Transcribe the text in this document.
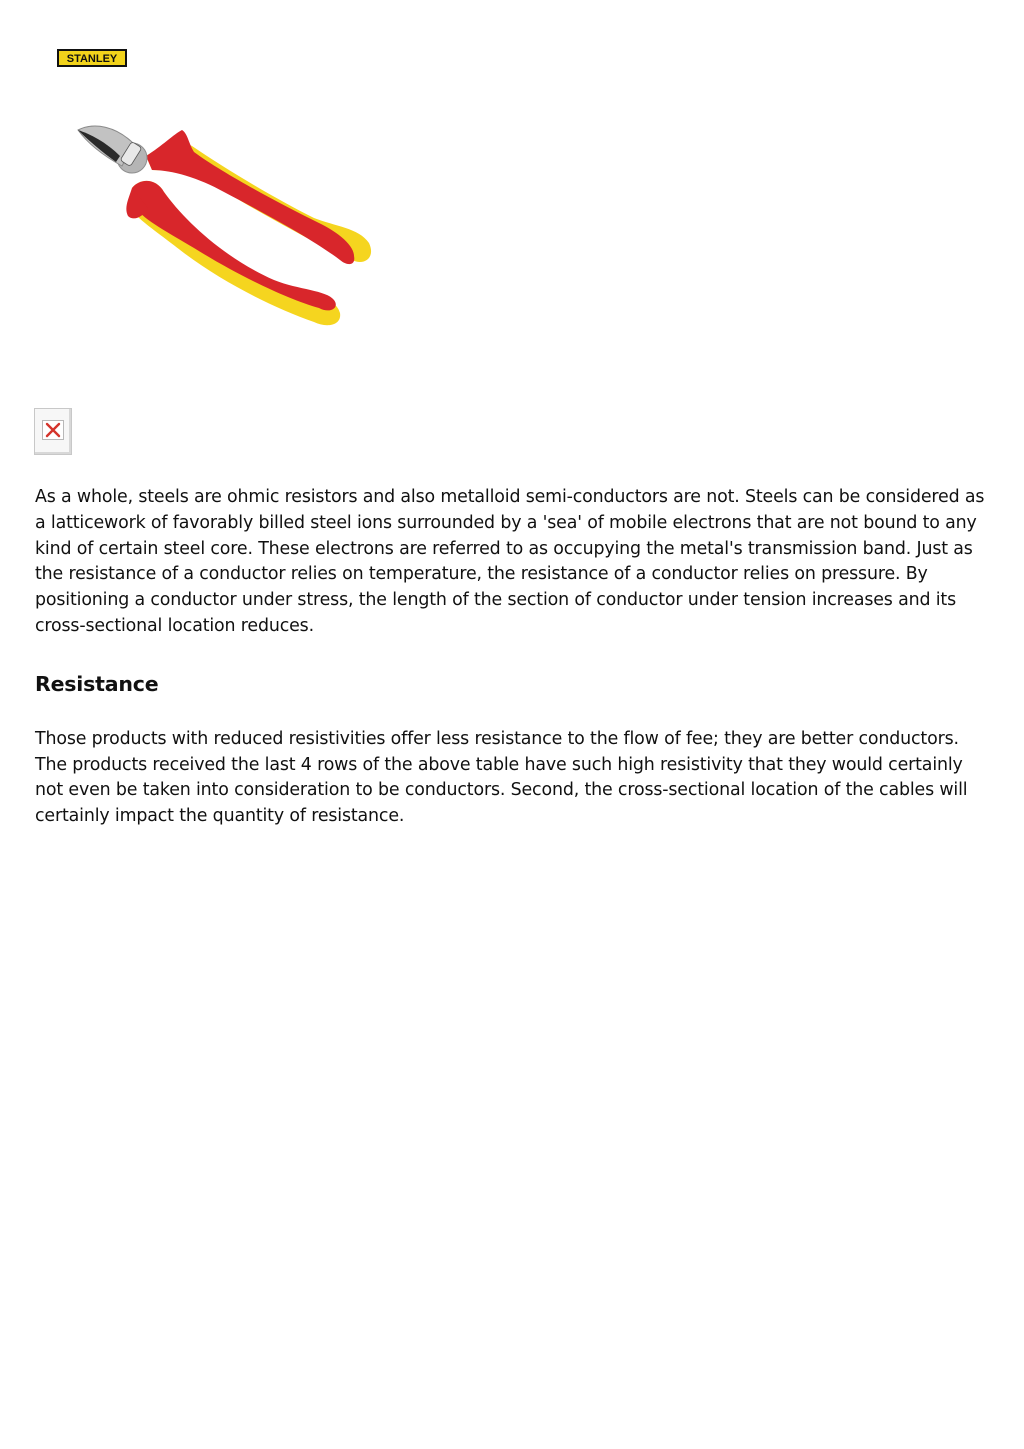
STANLEY

As a whole, steels are ohmic resistors and also metalloid semi-conductors are not. Steels can be considered as a latticework of favorably billed steel ions surrounded by a 'sea' of mobile electrons that are not bound to any kind of certain steel core. These electrons are referred to as occupying the metal's transmission band. Just as the resistance of a conductor relies on temperature, the resistance of a conductor relies on pressure. By positioning a conductor under stress, the length of the section of conductor under tension increases and its cross-sectional location reduces.

Resistance

Those products with reduced resistivities offer less resistance to the flow of fee; they are better conductors. The products received the last 4 rows of the above table have such high resistivity that they would certainly not even be taken into consideration to be conductors. Second, the cross-sectional location of the cables will certainly impact the quantity of resistance.
